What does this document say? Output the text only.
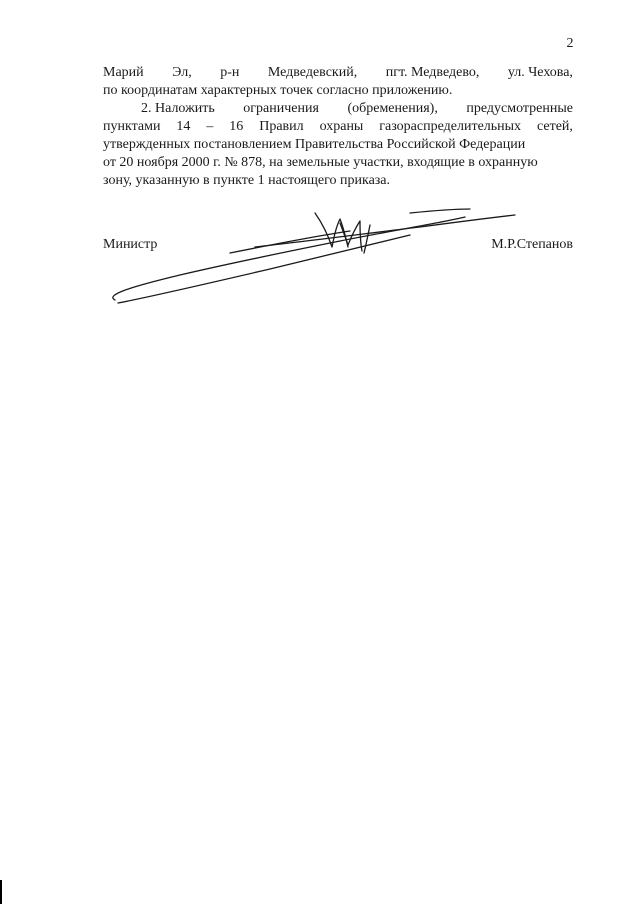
2
Марий Эл, р-н Медведевский, пгт. Медведево, ул. Чехова,
по координатам характерных точек согласно приложению.
2. Наложить ограничения (обременения), предусмотренные
пунктами 14 – 16 Правил охраны газораспределительных сетей,
утвержденных постановлением Правительства Российской Федерации
от 20 ноября 2000 г. № 878, на земельные участки, входящие в охранную
зону, указанную в пункте 1 настоящего приказа.
Министр	М.Р.Степанов
